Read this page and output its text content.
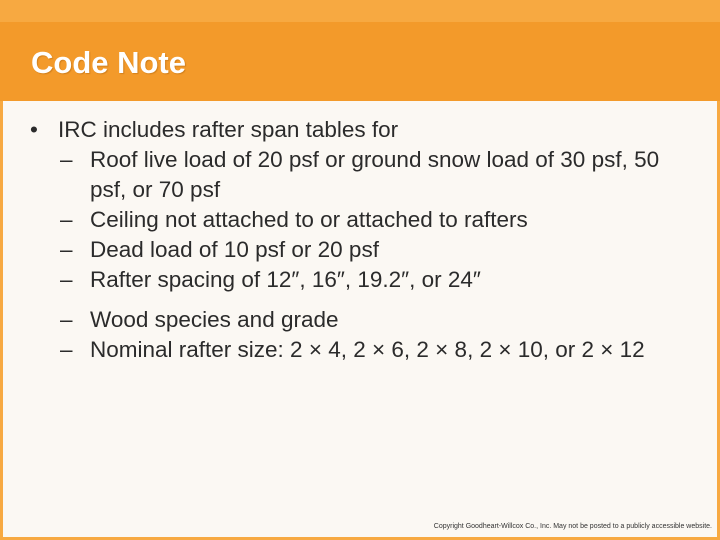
Code Note
• IRC includes rafter span tables for
– Roof live load of 20 psf or ground snow load of 30 psf, 50 psf, or 70 psf
– Ceiling not attached to or attached to rafters
– Dead load of 10 psf or 20 psf
– Rafter spacing of 12″, 16″, 19.2″, or 24″
– Wood species and grade
– Nominal rafter size: 2 × 4, 2 × 6, 2 × 8, 2 × 10, or 2 × 12
Copyright Goodheart-Willcox Co., Inc. May not be posted to a publicly accessible website.
